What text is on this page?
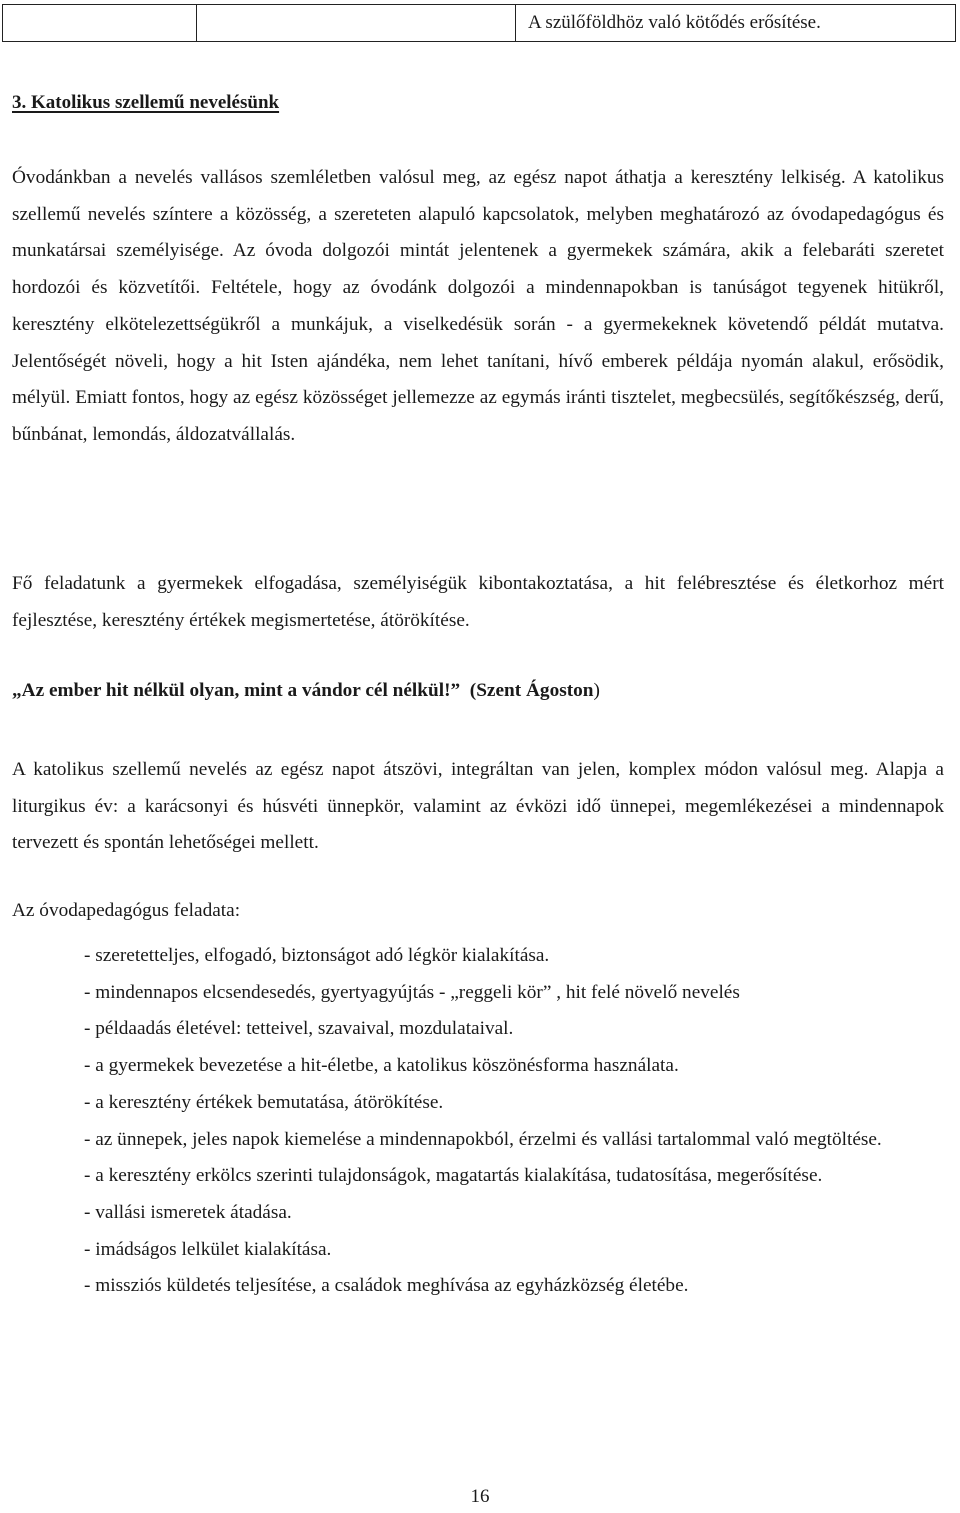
		A szülőföldhöz való kötődés erősítése.
3. Katolikus szellemű nevelésünk
Óvodánkban a nevelés vallásos szemléletben valósul meg, az egész napot áthatja a keresztény lelkiség. A katolikus szellemű nevelés színtere a közösség, a szereteten alapuló kapcsolatok, melyben meghatározó az óvodapedagógus és munkatársai személyisége. Az óvoda dolgozói mintát jelentenek a gyermekek számára, akik a felebaráti szeretet hordozói és közvetítői. Feltétele, hogy az óvodánk dolgozói a mindennapokban is tanúságot tegyenek hitükről, keresztény elkötelezettségükről a munkájuk, a viselkedésük során - a gyermekeknek követendő példát mutatva. Jelentőségét növeli, hogy a hit Isten ajándéka, nem lehet tanítani, hívő emberek példája nyomán alakul, erősödik, mélyül. Emiatt fontos, hogy az egész közösséget jellemezze az egymás iránti tisztelet, megbecsülés, segítőkészség, derű, bűnbánat, lemondás, áldozatvállalás.
Fő feladatunk a gyermekek elfogadása, személyiségük kibontakoztatása, a hit felébresztése és életkorhoz mért fejlesztése, keresztény értékek megismertetése, átörökítése.
„Az ember hit nélkül olyan, mint a vándor cél nélkül!” (Szent Ágoston)
A katolikus szellemű nevelés az egész napot átszövi, integráltan van jelen, komplex módon valósul meg. Alapja a liturgikus év: a karácsonyi és húsvéti ünnepkör, valamint az évközi idő ünnepei, megemlékezései a mindennapok tervezett és spontán lehetőségei mellett.
Az óvodapedagógus feladata:
- szeretetteljes, elfogadó, biztonságot adó légkör kialakítása.
- mindennapos elcsendesedés, gyertyagyújtás - „reggeli kör” , hit felé növelő nevelés
- példaadás életével: tetteivel, szavaival, mozdulataival.
- a gyermekek bevezetése a hit-életbe, a katolikus köszönésforma használata.
- a keresztény értékek bemutatása, átörökítése.
- az ünnepek, jeles napok kiemelése a mindennapokból, érzelmi és vallási tartalommal való megtöltése.
- a keresztény erkölcs szerinti tulajdonságok, magatartás kialakítása, tudatosítása, megerősítése.
- vallási ismeretek átadása.
- imádságos lelkület kialakítása.
- missziós küldetés teljesítése, a családok meghívása az egyházközség életébe.
16
